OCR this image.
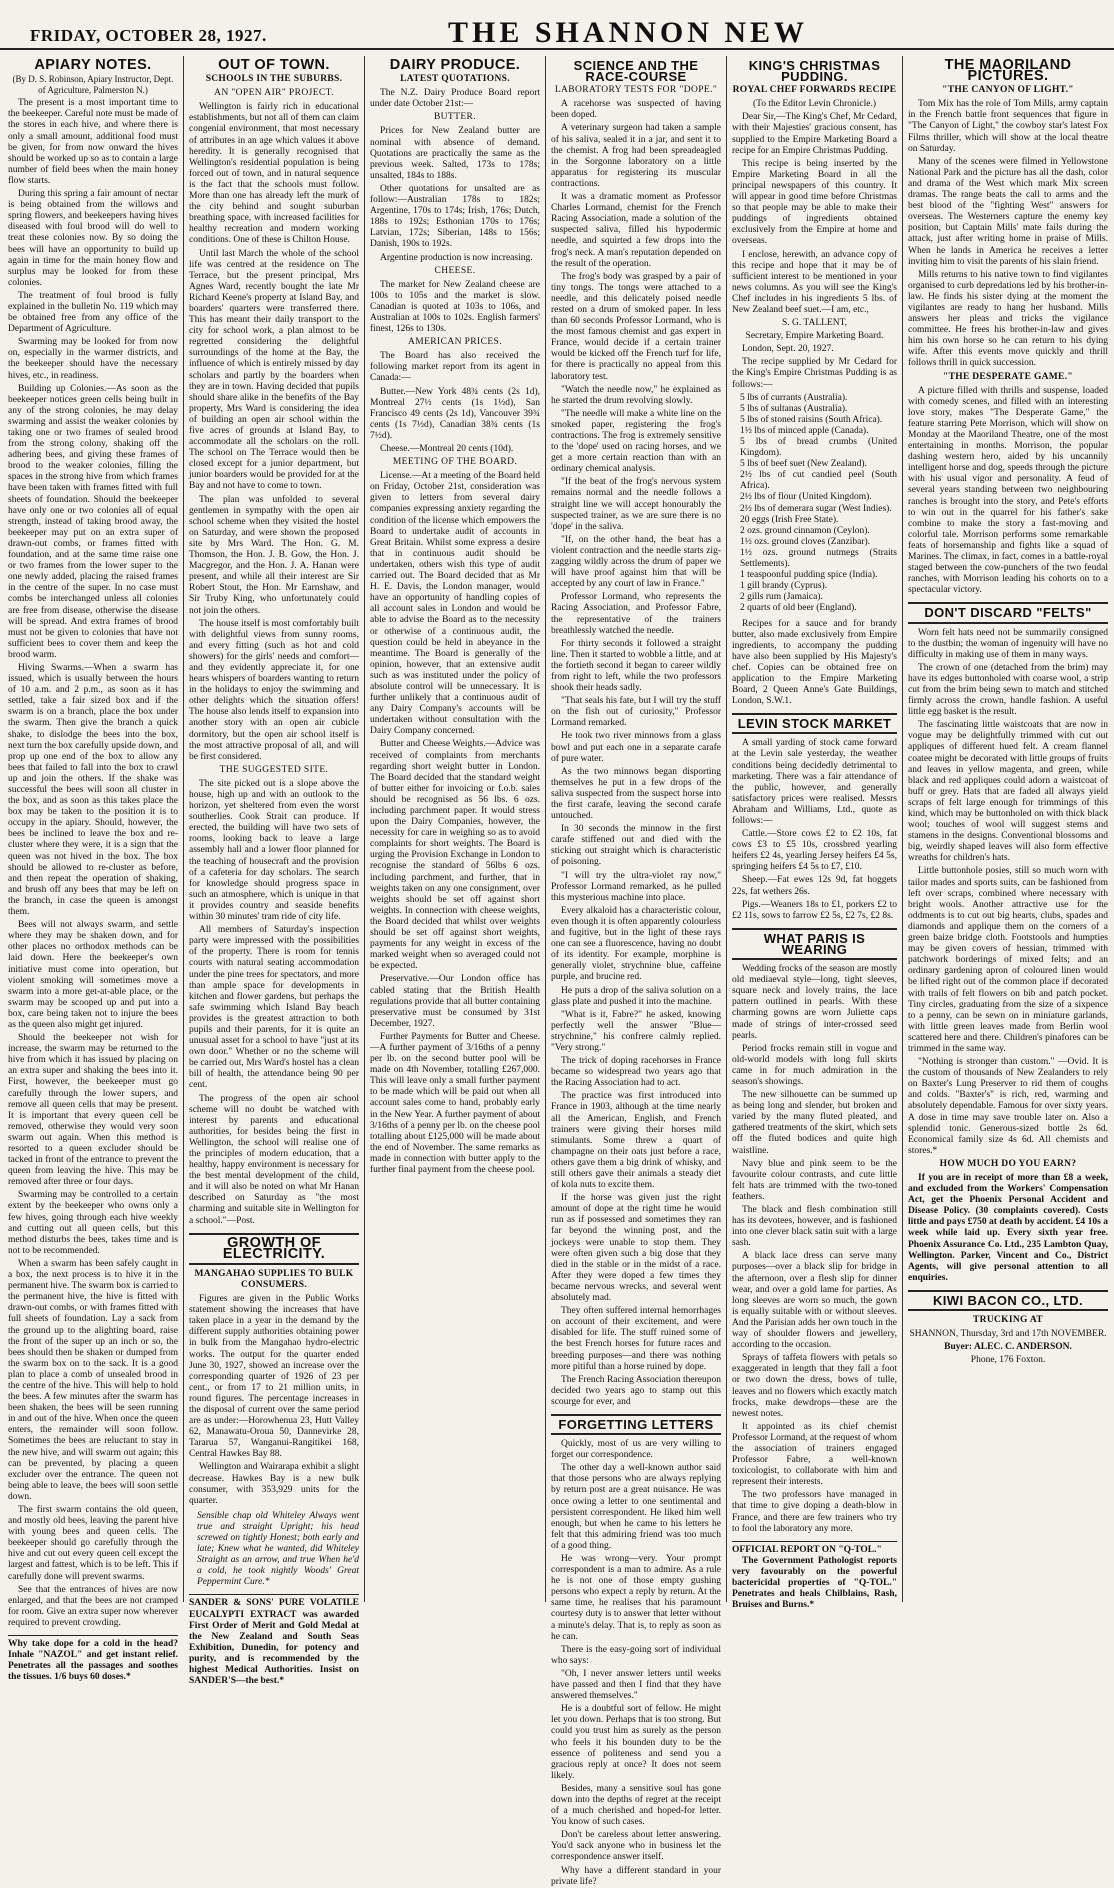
FRIDAY, OCTOBER 28, 1927.	THE SHANNON NEW
APIARY NOTES.

(By D. S. Robinson, Apiary Instructor, Dept. of Agriculture, Palmerston N.)

The present is a most important time to the beekeeper. Careful note must be made of the stores in each hive, and where there is only a small amount, additional food must be given, for from now onward the hives should be worked up so as to contain a large number of field bees when the main honey flow starts.

During this spring a fair amount of nectar is being obtained from the willows and spring flowers, and beekeepers having hives diseased with foul brood will do well to treat these colonies now. By so doing the bees will have an opportunity to build up again in time for the main honey flow and surplus may be looked for from these colonies.

The treatment of foul brood is fully explained in the bulletin No. 119 which may be obtained free from any office of the Department of Agriculture.

Swarming may be looked for from now on, especially in the warmer districts, and the beekeeper should have the necessary hives, etc., in readiness.

Building up Colonies.—As soon as the beekeeper notices green cells being built in any of the strong colonies, he may delay swarming and assist the weaker colonies by taking one or two frames of sealed brood from the strong colony, shaking off the adhering bees, and giving these frames of brood to the weaker colonies, filling the spaces in the strong hive from which frames have been taken with frames fitted with full sheets of foundation. Should the beekeeper have only one or two colonies all of equal strength, instead of taking brood away, the beekeeper may put on an extra super of drawn-out combs, or frames fitted with foundation, and at the same time raise one or two frames from the lower super to the one newly added, placing the raised frames in the centre of the super. In no case must combs be interchanged unless all colonies are free from disease, otherwise the disease will be spread. And extra frames of brood must not be given to colonies that have not sufficient bees to cover them and keep the brood warm.

Hiving Swarms.—When a swarm has issued, which is usually between the hours of 10 a.m. and 2 p.m., as soon as it has settled, take a fair sized box and if the swarm is on a branch, place the box under the swarm. Then give the branch a quick shake, to dislodge the bees into the box, next turn the box carefully upside down, and prop up one end of the box to allow any bees that failed to fall into the box to crawl up and join the others. If the shake was successful the bees will soon all cluster in the box, and as soon as this takes place the box may be taken to the position it is to occupy in the apiary. Should, however, the bees be inclined to leave the box and re-cluster where they were, it is a sign that the queen was not hived in the box. The box should be allowed to re-cluster as before, and then repeat the operation of shaking, and brush off any bees that may be left on the branch, in case the queen is amongst them.

Bees will not always swarm, and settle where they may be shaken down, and for other places no orthodox methods can be laid down. Here the beekeeper's own initiative must come into operation, but violent smoking will sometimes move a swarm into a more get-at-able place, or the swarm may be scooped up and put into a box, care being taken not to injure the bees as the queen also might get injured.

Should the beekeeper not wish for increase, the swarm may be returned to the hive from which it has issued by placing on an extra super and shaking the bees into it. First, however, the beekeeper must go carefully through the lower supers, and remove all queen cells that may be present. It is important that every queen cell be removed, otherwise they would very soon swarm out again. When this method is resorted to a queen excluder should be tacked in front of the entrance to prevent the queen from leaving the hive. This may be removed after three or four days.

Swarming may be controlled to a certain extent by the beekeeper who owns only a few hives, going through each hive weekly and cutting out all queen cells, but this method disturbs the bees, takes time and is not to be recommended.

When a swarm has been safely caught in a box, the next process is to hive it in the permanent hive. The swarm box is carried to the permanent hive, the hive is fitted with drawn-out combs, or with frames fitted with full sheets of foundation. Lay a sack from the ground up to the alighting board, raise the front of the super up an inch or so, the bees should then be shaken or dumped from the swarm box on to the sack. It is a good plan to place a comb of unsealed brood in the centre of the hive. This will help to hold the bees. A few minutes after the swarm has been shaken, the bees will be seen running in and out of the hive. When once the queen enters, the remainder will soon follow. Sometimes the bees are reluctant to stay in the new hive, and will swarm out again; this can be prevented, by placing a queen excluder over the entrance. The queen not being able to leave, the bees will soon settle down.

The first swarm contains the old queen, and mostly old bees, leaving the parent hive with young bees and queen cells. The beekeeper should go carefully through the hive and cut out every queen cell except the largest and fattest, which is to be left. This if carefully done will prevent swarms.

See that the entrances of hives are now enlarged, and that the bees are not cramped for room. Give an extra super now wherever required to prevent crowding.

Why take dope for a cold in the head? Inhale "NAZOL" and get instant relief. Penetrates all the passages and soothes the tissues. 1/6 buys 60 doses.*
OUT OF TOWN.
SCHOOLS IN THE SUBURBS.
AN "OPEN AIR" PROJECT.

Wellington is fairly rich in educational establishments, but not all of them can claim congenial environment, that most necessary of attributes in an age which values it above heredity. It is generally recognised that Wellington's residential population is being forced out of town, and in natural sequence is the fact that the schools must follow. More than one has already left the murk of the city behind and sought suburban breathing space, with increased facilities for healthy recreation and modern working conditions. One of these is Chilton House.

Until last March the whole of the school life was centred at the residence on The Terrace, but the present principal, Mrs Agnes Ward, recently bought the late Mr Richard Keene's property at Island Bay, and boarders' quarters were transferred there. This has meant their daily transport to the city for school work, a plan almost to be regretted considering the delightful surroundings of the home at the Bay, the influence of which is entirely missed by day scholars and partly by the boarders when they are in town. Having decided that pupils should share alike in the benefits of the Bay property, Mrs Ward is considering the idea of building an open air school within the five acres of grounds at Island Bay, to accommodate all the scholars on the roll. The school on The Terrace would then be closed except for a junior department, but junior boarders would be provided for at the Bay and not have to come to town.

The plan was unfolded to several gentlemen in sympathy with the open air school scheme when they visited the hostel on Saturday, and were shown the proposed site by Mrs Ward. The Hon. G. M. Thomson, the Hon. J. B. Gow, the Hon. J. Macgregor, and the Hon. J. A. Hanan were present, and while all their interest are Sir Robert Stout, the Hon. Mr Earnshaw, and Sir Truby King, who unfortunately could not join the others.

The house itself is most comfortably built with delightful views from sunny rooms, and every fitting (such as hot and cold showers) for the girls' needs and comfort—and they evidently appreciate it, for one hears whispers of boarders wanting to return in the holidays to enjoy the swimming and other delights which the situation offers! The house also lends itself to expansion into another story with an open air cubicle dormitory, but the open air school itself is the most attractive proposal of all, and will be first considered.

THE SUGGESTED SITE.

The site picked out is a slope above the house, high up and with an outlook to the horizon, yet sheltered from even the worst southerlies. Cook Strait can produce. If erected, the building will have two sets of rooms, looking back to leave a large assembly hall and a lower floor planned for the teaching of housecraft and the provision of a cafeteria for day scholars. The search for knowledge should progress space in such an atmosphere, which is unique in that it provides country and seaside benefits within 30 minutes' tram ride of city life.

All members of Saturday's inspection party were impressed with the possibilities of the property. There is room for tennis courts with natural seating accommodation under the pine trees for spectators, and more than ample space for developments in kitchen and flower gardens, but perhaps the safe swimming which Island Bay beach provides is the greatest attraction to both pupils and their parents, for it is quite an unusual asset for a school to have "just at its own door." Whether or no the scheme will be carried out, Mrs Ward's hostel has a clean bill of health, the attendance being 90 per cent.

The progress of the open air school scheme will no doubt be watched with interest by parents and educational authorities, for besides being the first in Wellington, the school will realise one of the principles of modern education, that a healthy, happy environment is necessary for the best mental development of the child, and it will also be noted on what Mr Hanan described on Saturday as "the most charming and suitable site in Wellington for a school."—Post.

GROWTH OF ELECTRICITY.
MANGAHAO SUPPLIES TO BULK CONSUMERS.

Figures are given in the Public Works statement showing the increases that have taken place in a year in the demand by the different supply authorities obtaining power in bulk from the Mangahao hydro-electric works. The output for the quarter ended June 30, 1927, showed an increase over the corresponding quarter of 1926 of 23 per cent., or from 17 to 21 million units, in round figures. The percentage increases in the disposal of current over the same period are as under:—Horowhenua 23, Hutt Valley 62, Manawatu-Oroua 50, Dannevirke 28, Tararua 57, Wanganui-Rangitikei 168, Central Hawkes Bay 88.

Wellington and Wairarapa exhibit a slight decrease. Hawkes Bay is a new bulk consumer, with 353,929 units for the quarter.

Sensible chap old Whiteley Always went true and straight Upright; his head screwed on tightly Honest; both early and late; Knew what he wanted, did Whiteley Straight as an arrow, and true When he'd a cold, he took nightly Woods' Great Peppermint Cure.*

SANDER & SONS' PURE VOLATILE EUCALYPTI EXTRACT was awarded First Order of Merit and Gold Medal at the New Zealand and South Seas Exhibition, Dunedin, for potency and purity, and is recommended by the highest Medical Authorities. Insist on SANDER'S—the best.*
DAIRY PRODUCE.
LATEST QUOTATIONS.

The N.Z. Dairy Produce Board report under date October 21st:—

BUTTER.

Prices for New Zealand butter are nominal with absence of demand. Quotations are practically the same as the previous week. Salted, 173s to 178s; unsalted, 184s to 188s.

Other quotations for unsalted are as follow:—Australian 178s to 182s; Argentine, 170s to 174s; Irish, 176s; Dutch, 188s to 192s; Esthonian 170s to 176s; Latvian, 172s; Siberian, 148s to 156s; Danish, 190s to 192s.

Argentine production is now increasing.

CHEESE.

The market for New Zealand cheese are 100s to 105s and the market is slow. Canadian is quoted at 103s to 106s, and Australian at 100s to 102s. English farmers' finest, 126s to 130s.

AMERICAN PRICES.

The Board has also received the following market report from its agent in Canada:—

Butter.—New York 48¾ cents (2s 1d), Montreal 27½ cents (1s 1½d), San Francisco 49 cents (2s 1d), Vancouver 39¾ cents (1s 7½d), Canadian 38¾ cents (1s 7½d).

Cheese.—Montreal 20 cents (10d).

MEETING OF THE BOARD.

License.—At a meeting of the Board held on Friday, October 21st, consideration was given to letters from several dairy companies expressing anxiety regarding the condition of the license which empowers the Board to undertake audit of accounts in Great Britain. Whilst some express a desire that in continuous audit should be undertaken, others wish this type of audit carried out. The Board decided that as Mr H. E. Davis, the London manager, would have an opportunity of handling copies of all account sales in London and would be able to advise the Board as to the necessity or otherwise of a continuous audit, the question could be held in abeyance in the meantime. The Board is generally of the opinion, however, that an extensive audit such as was instituted under the policy of absolute control will be unnecessary. It is further unlikely that a continuous audit of any Dairy Company's accounts will be undertaken without consultation with the Dairy Company concerned.

Butter and Cheese Weights.—Advice was received of complaints from merchants regarding short weight butter in London. The Board decided that the standard weight of butter either for invoicing or f.o.b. sales should be recognised as 56 lbs. 6 ozs. including parchment paper. It would stress upon the Dairy Companies, however, the necessity for care in weighing so as to avoid complaints for short weights. The Board is urging the Provision Exchange in London to recognise the standard of 56lbs 6 ozs. including parchment, and further, that in weights taken on any one consignment, over weights should be set off against short weights. In connection with cheese weights, the Board decided that whilst over weights should be set off against short weights, payments for any weight in excess of the marked weight when so averaged could not be expected.

Preservative.—Our London office has cabled stating that the British Health regulations provide that all butter containing preservative must be consumed by 31st December, 1927.

Further Payments for Butter and Cheese.—A further payment of 3/16ths of a penny per lb. on the second butter pool will be made on 4th November, totalling £267,000. This will leave only a small further payment to be made which will be paid out when all account sales come to hand, probably early in the New Year. A further payment of about 3/16ths of a penny per lb. on the cheese pool totalling about £125,000 will be made about the end of November. The same remarks as made in connection with butter apply to the further final payment from the cheese pool.

SCIENCE AND THE RACE-COURSE
LABORATORY TESTS FOR "DOPE."

A racehorse was suspected of having been doped.

A veterinary surgeon had taken a sample of his saliva, sealed it in a jar, and sent it to the chemist. A frog had been spreadeagled in the Sorgonne laboratory on a little apparatus for registering its muscular contractions.

It was a dramatic moment as Professor Charles Lormand, chemist for the French Racing Association, made a solution of the suspected saliva, filled his hypodermic needle, and squirted a few drops into the frog's neck. A man's reputation depended on the result of the operation.

The frog's body was grasped by a pair of tiny tongs. The tongs were attached to a needle, and this delicately poised needle rested on a drum of smoked paper. In less than 60 seconds Professor Lormand, who is the most famous chemist and gas expert in France, would decide if a certain trainer would be kicked off the French turf for life, for there is practically no appeal from this laboratory test.

"Watch the needle now," he explained as he started the drum revolving slowly.

"The needle will make a white line on the smoked paper, registering the frog's contractions. The frog is extremely sensitive to the 'dope' used on racing horses, and we get a more certain reaction than with an ordinary chemical analysis.

"If the beat of the frog's nervous system remains normal and the needle follows a straight line we will accept honourably the suspected trainer, as we are sure there is no 'dope' in the saliva.

"If, on the other hand, the beat has a violent contraction and the needle starts zig-zagging wildly across the drum of paper we will have proof against him that will be accepted by any court of law in France."

Professor Lormand, who represents the Racing Association, and Professor Fabre, the representative of the trainers breathlessly watched the needle.

For thirty seconds it followed a straight line. Then it started to wobble a little, and at the fortieth second it began to career wildly from right to left, while the two professors shook their heads sadly.

"That seals his fate, but I will try the stuff on the fish out of curiosity," Professor Lormand remarked.

He took two river minnows from a glass bowl and put each one in a separate carafe of pure water.

As the two minnows began disporting themselves he put in a few drops of the saliva suspected from the suspect horse into the first carafe, leaving the second carafe untouched.

In 30 seconds the minnow in the first carafe stiffened out and died with the sticking out straight which is characteristic of poisoning.

"I will try the ultra-violet ray now," Professor Lormand remarked, as he pulled this mysterious machine into place.

Every alkaloid has a characteristic colour, even though it is often apparently colourless and fugitive, but in the light of these rays one can see a fluorescence, having no doubt of its identity. For example, morphine is generally violet, strychnine blue, caffeine purple, and brucine red.

He puts a drop of the saliva solution on a glass plate and pushed it into the machine.

"What is it, Fabre?" he asked, knowing perfectly well the answer "Blue—strychnine," his confrere calmly replied. "Very strong."

The trick of doping racehorses in France became so widespread two years ago that the Racing Association had to act.

The practice was first introduced into France in 1903, although at the time nearly all the American, English, and French trainers were giving their horses mild stimulants. Some threw a quart of champagne on their oats just before a race, others gave them a big drink of whisky, and still others gave their animals a steady diet of kola nuts to excite them.

If the horse was given just the right amount of dope at the right time he would run as if possessed and sometimes they ran far beyond the winning post, and the jockeys were unable to stop them. They were often given such a big dose that they died in the stable or in the midst of a race. After they were doped a few times they became nervous wrecks, and several went absolutely mad.

They often suffered internal hemorrhages on account of their excitement, and were disabled for life. The stuff ruined some of the best French horses for future races and breeding purposes—and there was nothing more pitiful than a horse ruined by dope.

The French Racing Association thereupon decided two years ago to stamp out this scourge for ever, and

FORGETTING LETTERS

Quickly, most of us are very willing to forget our correspondence.

The other day a well-known author said that those persons who are always replying by return post are a great nuisance. He was once owing a letter to one sentimental and persistent correspondent. He liked him well enough, but when he came to his letters he felt that this admiring friend was too much of a good thing.

He was wrong—very. Your prompt correspondent is a man to admire. As a rule he is not one of those empty gushing persons who expect a reply by return. At the same time, he realises that his paramount courtesy duty is to answer that letter without a minute's delay. That is, to reply as soon as he can.

There is the easy-going sort of individual who says:

"Oh, I never answer letters until weeks have passed and then I find that they have answered themselves."

He is a doubtful sort of fellow. He might let you down. Perhaps that is too strong. But could you trust him as surely as the person who feels it his bounden duty to be the essence of politeness and send you a gracious reply at once? It does not seem likely.

Besides, many a sensitive soul has gone down into the depths of regret at the receipt of a much cherished and hoped-for letter. You know of such cases.

Don't be careless about letter answering. You'd sack anyone who in business let the correspondence answer itself.

Why have a different standard in your private life?

KING'S CHRISTMAS PUDDING.
ROYAL CHEF FORWARDS RECIPE

(To the Editor Levin Chronicle.)

Dear Sir,—The King's Chef, Mr Cedard, with their Majesties' gracious consent, has supplied to the Empire Marketing Board a recipe for an Empire Christmas Pudding.

This recipe is being inserted by the Empire Marketing Board in all the principal newspapers of this country. It will appear in good time before Christmas so that people may be able to make their puddings of ingredients obtained exclusively from the Empire at home and overseas.

I enclose, herewith, an advance copy of this recipe and hope that it may be of sufficient interest to be mentioned in your news columns. As you will see the King's Chef includes in his ingredients 5 lbs. of New Zealand beef suet.—I am, etc.,

S. G. TALLENT,

Secretary, Empire Marketing Board.

London, Sept. 20, 1927.

The recipe supplied by Mr Cedard for the King's Empire Christmas Pudding is as follows:—

5 lbs of currants (Australia).
5 lbs of sultanas (Australia).
5 lbs of stoned raisins (South Africa).
1½ lbs of minced apple (Canada).
5 lbs of bread crumbs (United Kingdom).
5 lbs of beef suet (New Zealand).
2½ lbs of cut candied peel (South Africa).
2½ lbs of flour (United Kingdom).
2½ lbs of demerara sugar (West Indies).
20 eggs (Irish Free State).
2 ozs. ground cinnamon (Ceylon).
1½ ozs. ground cloves (Zanzibar).
1½ ozs. ground nutmegs (Straits Settlements).
1 teaspoonful pudding spice (India).
1 gill brandy (Cyprus).
2 gills rum (Jamaica).
2 quarts of old beer (England).

Recipes for a sauce and for brandy butter, also made exclusively from Empire ingredients, to accompany the pudding have also been supplied by His Majesty's chef. Copies can be obtained free on application to the Empire Marketing Board, 2 Queen Anne's Gate Buildings, London, S.W.1.

LEVIN STOCK MARKET

A small yarding of stock came forward at the Levin sale yesterday, the weather conditions being decidedly detrimental to marketing. There was a fair attendance of the public, however, and generally satisfactory prices were realised. Messrs Abraham and Williams, Ltd., quote as follows:—

Cattle.—Store cows £2 to £2 10s, fat cows £3 to £5 10s, crossbred yearling heifers £2 4s, yearling Jersey heifers £4 5s, springing heifers £4 5s to £7, £10.

Sheep.—Fat ewes 12s 9d, fat hoggets 22s, fat wethers 26s.

Pigs.—Weaners 18s to £1, porkers £2 to £2 11s, sows to farrow £2 5s, £2 7s, £2 8s.

WHAT PARIS IS WEARING

Wedding frocks of the season are mostly old mediaeval style—long, tight sleeves, square neck and lovely trains, the lace pattern outlined in pearls. With these charming gowns are worn Juliette caps made of strings of inter-crossed seed pearls.

Period frocks remain still in vogue and old-world models with long full skirts came in for much admiration in the season's showings.

The new silhouette can be summed up as being long and slender, but broken and varied by the many fluted pleated, and gathered treatments of the skirt, which sets off the fluted bodices and quite high waistline.

Navy blue and pink seem to be the favourite colour contrasts, and cute little felt hats are trimmed with the two-toned feathers.

The black and flesh combination still has its devotees, however, and is fashioned into one clever black satin suit with a large sash.

A black lace dress can serve many purposes—over a black slip for bridge in the afternoon, over a flesh slip for dinner wear, and over a gold lame for parties. As long sleeves are worn so much, the gown is equally suitable with or without sleeves. And the Parisian adds her own touch in the way of shoulder flowers and jewellery, according to the occasion.

Sprays of taffeta flowers with petals so exaggerated in length that they fall a foot or two down the dress, bows of tulle, leaves and no flowers which exactly match frocks, make dewdrops—these are the newest notes.

It appointed as its chief chemist Professor Lormand, at the request of whom the association of trainers engaged Professor Fabre, a well-known toxicologist, to collaborate with him and represent their interests.

The two professors have managed in that time to give doping a death-blow in France, and there are few trainers who try to fool the laboratory any more.

OFFICIAL REPORT ON "Q-TOL."

The Government Pathologist reports very favourably on the powerful bactericidal properties of "Q-TOL." Penetrates and heals Chilblains, Rash, Bruises and Burns.*

THE MAORILAND PICTURES.
"THE CANYON OF LIGHT."

Tom Mix has the role of Tom Mills, army captain in the French battle front sequences that figure in "The Canyon of Light," the cowboy star's latest Fox Films thriller, which will show at the local theatre on Saturday.

Many of the scenes were filmed in Yellowstone National Park and the picture has all the dash, color and drama of the West which mark Mix screen dramas. The range beats the call to arms and the best blood of the "fighting West" answers for overseas. The Westerners capture the enemy key position, but Captain Mills' mate fails during the attack, just after writing home in praise of Mills. When he lands in America he receives a letter inviting him to visit the parents of his slain friend.

Mills returns to his native town to find vigilantes organised to curb depredations led by his brother-in-law. He finds his sister dying at the moment the vigilantes are ready to hang her husband. Mills answers her pleas and tricks the vigilance committee. He frees his brother-in-law and gives him his own horse so he can return to his dying wife. After this events move quickly and thrill follows thrill in quick succession.

"THE DESPERATE GAME."

A picture filled with thrills and suspense, loaded with comedy scenes, and filled with an interesting love story, makes "The Desperate Game," the feature starring Pete Morrison, which will show on Monday at the Maoriland Theatre, one of the most entertaining in months. Morrison, the popular dashing western hero, aided by his uncannily intelligent horse and dog, speeds through the picture with his usual vigor and personality. A feud of several years standing between two neighbouring ranches is brought into the story, and Pete's efforts to win out in the quarrel for his father's sake combine to make the story a fast-moving and colorful tale. Morrison performs some remarkable feats of horsemanship and fights like a squad of Marines. The climax, in fact, comes in a battle-royal staged between the cow-punchers of the two feudal ranches, with Morrison leading his cohorts on to a spectacular victory.

DON'T DISCARD "FELTS"

Worn felt hats need not be summarily consigned to the dustbin; the woman of ingenuity will have no difficulty in making use of them in many ways.

The crown of one (detached from the brim) may have its edges buttonholed with coarse wool, a strip cut from the brim being sewn to match and stitched firmly across the crown, handle fashion. A useful little egg basket is the result.

The fascinating little waistcoats that are now in vogue may be delightfully trimmed with cut out appliques of different hued felt. A cream flannel coatee might be decorated with little groups of fruits and leaves in yellow magenta, and green, while black and red appliques could adorn a waistcoat of buff or grey. Hats that are faded all always yield scraps of felt large enough for trimmings of this kind, which may be buttonholed on with thick black wool; touches of wool will suggest stems and stamens in the designs. Conventional blossoms and big, weirdly shaped leaves will also form effective wreaths for children's hats.

Little buttonhole posies, still so much worn with tailor mades and sports suits, can be fashioned from left over scraps, combined where necessary with bright wools. Another attractive use for the oddments is to cut out big hearts, clubs, spades and diamonds and applique them on the corners of a green baize bridge cloth. Footstools and humpties may be given covers of hessian, trimmed with patchwork borderings of mixed felts; and an ordinary gardening apron of coloured linen would be lifted right out of the common place if decorated with trails of felt flowers on bib and patch pocket. Tiny circles, graduating from the size of a sixpence to a penny, can be sewn on in miniature garlands, with little green leaves made from Berlin wool scattered here and there. Children's pinafores can be trimmed in the same way.

"Nothing is stronger than custom." —Ovid. It is the custom of thousands of New Zealanders to rely on Baxter's Lung Preserver to rid them of coughs and colds. "Baxter's" is rich, red, warming and absolutely dependable. Famous for over sixty years. A dose in time may save trouble later on. Also a splendid tonic. Generous-sized bottle 2s 6d. Economical family size 4s 6d. All chemists and stores.*

HOW MUCH DO YOU EARN?

If you are in receipt of more than £8 a week, and excluded from the Workers' Compensation Act, get the Phoenix Personal Accident and Disease Policy. (30 complaints covered). Costs little and pays £750 at death by accident. £4 10s a week while laid up. Every sixth year free. Phoenix Assurance Co. Ltd., 235 Lambton Quay, Wellington. Parker, Vincent and Co., District Agents, will give personal attention to all enquiries.

KIWI BACON CO., LTD.
TRUCKING AT

SHANNON, Thursday, 3rd and 17th NOVEMBER.

Buyer: ALEC. C. ANDERSON.

Phone, 176 Foxton.
